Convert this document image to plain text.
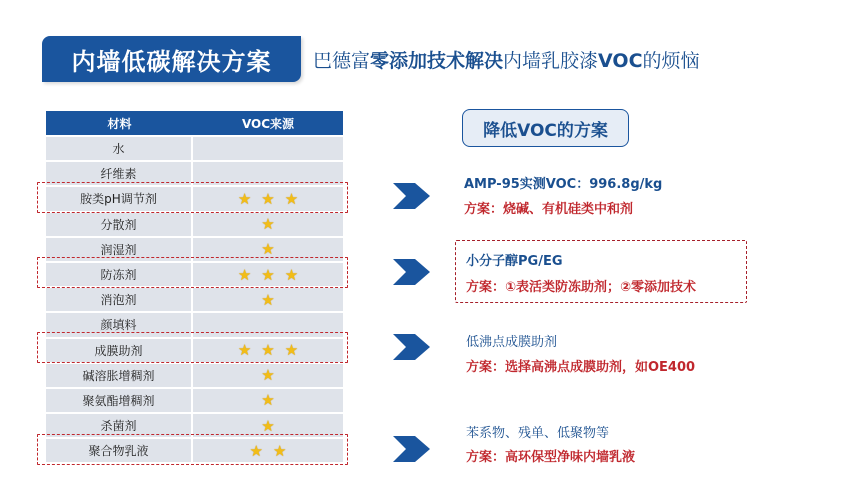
内墙低碳解决方案	巴德富零添加技术解决内墙乳胶漆VOC的烦恼
材料	VOC来源
水	
纤维素	
胺类pH调节剂	★ ★ ★
分散剂	★
润湿剂	★
防冻剂	★ ★ ★
消泡剂	★
颜填料	
成膜助剂	★ ★ ★
碱溶胀增稠剂	★
聚氨酯增稠剂	★
杀菌剂	★
聚合物乳液	★ ★
降低VOC的方案
AMP-95实测VOC：996.8g/kg
方案：烧碱、有机硅类中和剂
小分子醇PG/EG
方案：①表活类防冻助剂；②零添加技术
低沸点成膜助剂
方案：选择高沸点成膜助剂，如OE400
苯系物、残单、低聚物等
方案：高环保型净味内墙乳液
